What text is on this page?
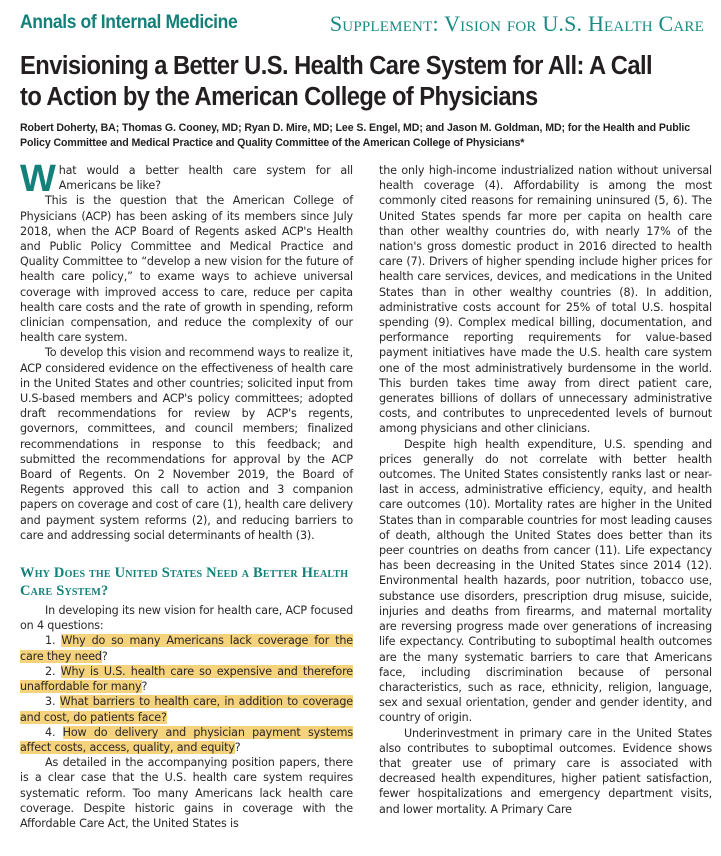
Annals of Internal Medicine	Supplement: Vision for U.S. Health Care
Envisioning a Better U.S. Health Care System for All: A Call to Action by the American College of Physicians
Robert Doherty, BA; Thomas G. Cooney, MD; Ryan D. Mire, MD; Lee S. Engel, MD; and Jason M. Goldman, MD; for the Health and Public Policy Committee and Medical Practice and Quality Committee of the American College of Physicians*

What would a better health care system for all Americans be like?

This is the question that the American College of Physicians (ACP) has been asking of its members since July 2018, when the ACP Board of Regents asked ACP's Health and Public Policy Committee and Medical Practice and Quality Committee to “develop a new vision for the future of health care policy,” to exame ways to achieve universal coverage with improved access to care, reduce per capita health care costs and the rate of growth in spending, reform clinician compensation, and reduce the complexity of our health care system.

To develop this vision and recommend ways to realize it, ACP considered evidence on the effectiveness of health care in the United States and other countries; solicited input from U.S-based members and ACP's policy committees; adopted draft recommendations for review by ACP's regents, governors, committees, and council members; finalized recommendations in response to this feedback; and submitted the recommendations for approval by the ACP Board of Regents. On 2 November 2019, the Board of Regents approved this call to action and 3 companion papers on coverage and cost of care (1), health care delivery and payment system reforms (2), and reducing barriers to care and addressing social determinants of health (3).

Why Does the United States Need a Better Health Care System?

In developing its new vision for health care, ACP focused on 4 questions:

1. Why do so many Americans lack coverage for the care they need?

2. Why is U.S. health care so expensive and therefore unaffordable for many?

3. What barriers to health care, in addition to coverage and cost, do patients face?

4. How do delivery and physician payment systems affect costs, access, quality, and equity?

As detailed in the accompanying position papers, there is a clear case that the U.S. health care system requires systematic reform. Too many Americans lack health care coverage. Despite historic gains in coverage with the Affordable Care Act, the United States is

the only high-income industrialized nation without universal health coverage (4). Affordability is among the most commonly cited reasons for remaining uninsured (5, 6). The United States spends far more per capita on health care than other wealthy countries do, with nearly 17% of the nation's gross domestic product in 2016 directed to health care (7). Drivers of higher spending include higher prices for health care services, devices, and medications in the United States than in other wealthy countries (8). In addition, administrative costs account for 25% of total U.S. hospital spending (9). Complex medical billing, documentation, and performance reporting requirements for value-based payment initiatives have made the U.S. health care system one of the most administratively burdensome in the world. This burden takes time away from direct patient care, generates billions of dollars of unnecessary administrative costs, and contributes to unprecedented levels of burnout among physicians and other clinicians.

Despite high health expenditure, U.S. spending and prices generally do not correlate with better health outcomes. The United States consistently ranks last or near-last in access, administrative efficiency, equity, and health care outcomes (10). Mortality rates are higher in the United States than in comparable countries for most leading causes of death, although the United States does better than its peer countries on deaths from cancer (11). Life expectancy has been decreasing in the United States since 2014 (12). Environmental health hazards, poor nutrition, tobacco use, substance use disorders, prescription drug misuse, suicide, injuries and deaths from firearms, and maternal mortality are reversing progress made over generations of increasing life expectancy. Contributing to suboptimal health outcomes are the many systematic barriers to care that Americans face, including discrimination because of personal characteristics, such as race, ethnicity, religion, language, sex and sexual orientation, gender and gender identity, and country of origin.

Underinvestment in primary care in the United States also contributes to suboptimal outcomes. Evidence shows that greater use of primary care is associated with decreased health expenditures, higher patient satisfaction, fewer hospitalizations and emergency department visits, and lower mortality. A Primary Care
